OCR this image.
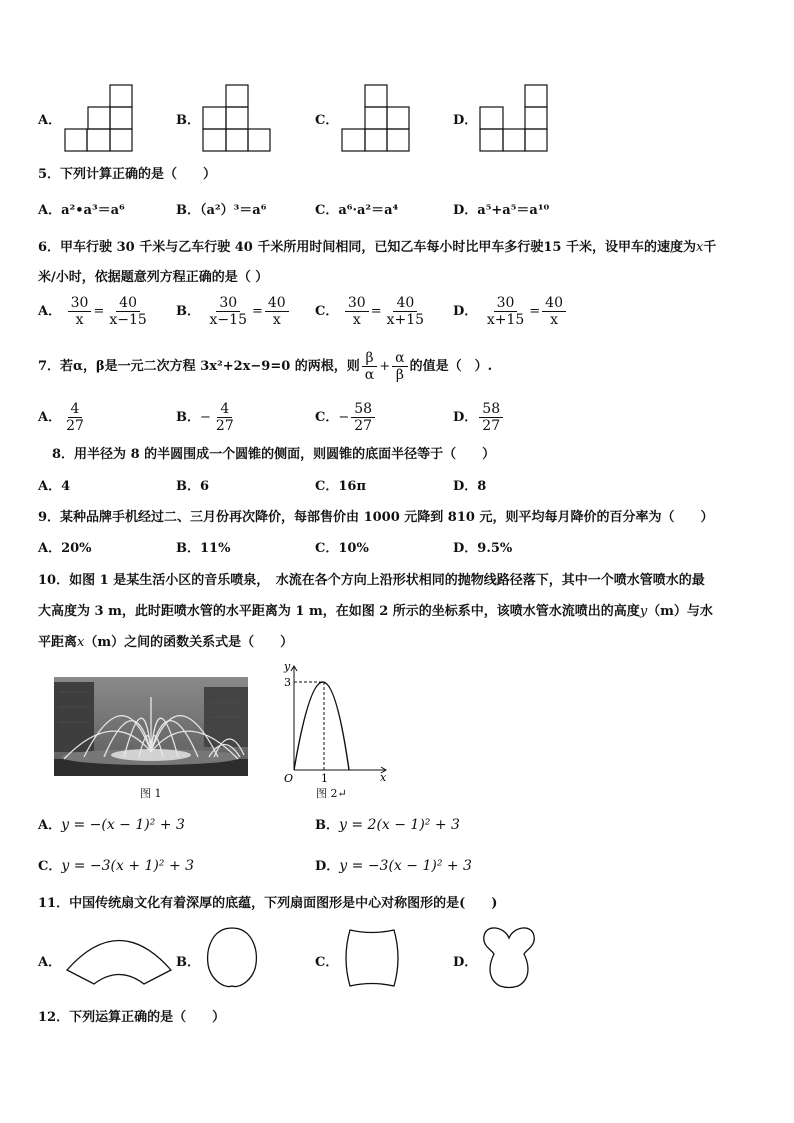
A．	B．	C．	D．
5．下列计算正确的是（　　）
A．a²•a³＝a⁶	B．（a²）³＝a⁶	C．a⁶·a²＝a⁴	D．a⁵+a⁵＝a¹⁰
6．甲车行驶 30 千米与乙车行驶 40 千米所用时间相同，已知乙车每小时比甲车多行驶15 千米，设甲车的速度为x千
米/小时，依据题意列方程正确的是（ ）
A． $\frac{30}{x} = \frac{40}{x-15}$ B． $\frac{30}{x-15} = \frac{40}{x}$ C． $\frac{30}{x} = \frac{40}{x+15}$ D． $\frac{30}{x+15} = \frac{40}{x}$
7．若α，β是一元二次方程 3x²+2x−9=0 的两根，则 $\frac{\beta}{\alpha} + \frac{\alpha}{\beta}$ 的值是（　）.
A． $\frac{4}{27}$	B．− $\frac{4}{27}$	C．− $\frac{58}{27}$	D． $\frac{58}{27}$
8．用半径为 8 的半圆围成一个圆锥的侧面，则圆锥的底面半径等于（　　）
A．4	B．6	C．16π	D．8
9．某种品牌手机经过二、三月份再次降价，每部售价由 1000 元降到 810 元，则平均每月降价的百分率为（　　）
A．20%	B．11%	C．10%	D．9.5%
10．如图 1 是某生活小区的音乐喷泉，　水流在各个方向上沿形状相同的抛物线路径落下，其中一个喷水管喷水的最
大高度为 3 m，此时距喷水管的水平距离为 1 m，在如图 2 所示的坐标系中，该喷水管水流喷出的高度y（m）与水
平距离x（m）之间的函数关系式是（　　）
图 1
y
x
O	1
3
图 2↵
A．y = −(x − 1)² + 3	B．y = 2(x − 1)² + 3
C．y = −3(x + 1)² + 3	D．y = −3(x − 1)² + 3
11．中国传统扇文化有着深厚的底蕴，下列扇面图形是中心对称图形的是(　　)
A．	B．	C．	D．
12．下列运算正确的是（　　）
